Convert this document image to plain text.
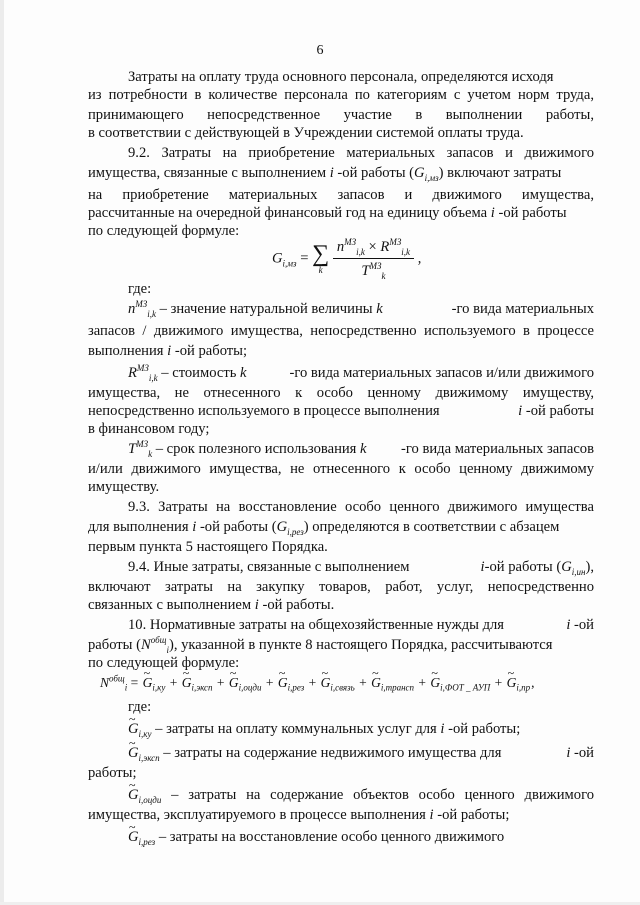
6
Затраты на оплату труда основного персонала, определяются исходя
из потребности в количестве персонала по категориям с учетом норм труда,
принимающего непосредственное участие в выполнении работы,
в соответствии с действующей в Учреждении системой оплаты труда.
9.2. Затраты на приобретение материальных запасов и движимого
имущества, связанные с выполнением i -ой работы $(G_{i,мз})$ включают затраты
на приобретение материальных запасов и движимого имущества,
рассчитанные на очередной финансовый год на единицу объема i -ой работы
по следующей формуле:
$G_{i,мз}$ = ∑
k
$\frac{n^{МЗ}_{i,k} \times R^{МЗ}_{i,k}}{T^{МЗ}_k}$ ,
где:
$n^{МЗ}_{i,k}$ – значение натуральной величины k	-го вида материальных
запасов / движимого имущества, непосредственно используемого в процессе
выполнения i -ой работы;
$R^{МЗ}_{i,k}$ – стоимость k	-го вида материальных запасов и/или движимого
имущества, не отнесенного к особо ценному движимому имуществу,
непосредственно используемого в процессе выполнения	i -ой работы
в финансовом году;
$T^{МЗ}_k$ – срок полезного использования k -го вида материальных запасов
и/или движимого имущества, не отнесенного к особо ценному движимому
имуществу.
9.3. Затраты на восстановление особо ценного движимого имущества
для выполнения i -ой работы $(G_{i,рез})$ определяются в соответствии с абзацем
первым пункта 5 настоящего Порядка.
9.4. Иные затраты, связанные с выполнением	i-ой работы $(G_{i,ин})$,
включают затраты на закупку товаров, работ, услуг, непосредственно
связанных с выполнением i -ой работы.
10. Нормативные затраты на общехозяйственные нужды для	i -ой
работы $(N^{общ}_i)$, указанной в пункте 8 настоящего Порядка, рассчитываются
по следующей формуле:
$N^{общ}_i$ = ~ $G_{i,ку}$ + ~ $G_{i,эксп}$ + ~ $G_{i,оцди}$ + ~ $G_{i,рез}$ + ~ $G_{i,связь}$ + ~ $G_{i,трансп}$ + ~ $G_{i,ФОТ \_ АУП}$ + ~ $G_{i,пр}$,
где:
~ $G_{i,ку}$ – затраты на оплату коммунальных услуг для i -ой работы;
~ $G_{i,эксп}$ – затраты на содержание недвижимого имущества для	i -ой
работы;
~ $G_{i,оцди}$ – затраты на содержание объектов особо ценного движимого
имущества, эксплуатируемого в процессе выполнения i -ой работы;
~ $G_{i,рез}$ – затраты на восстановление особо ценного движимого
